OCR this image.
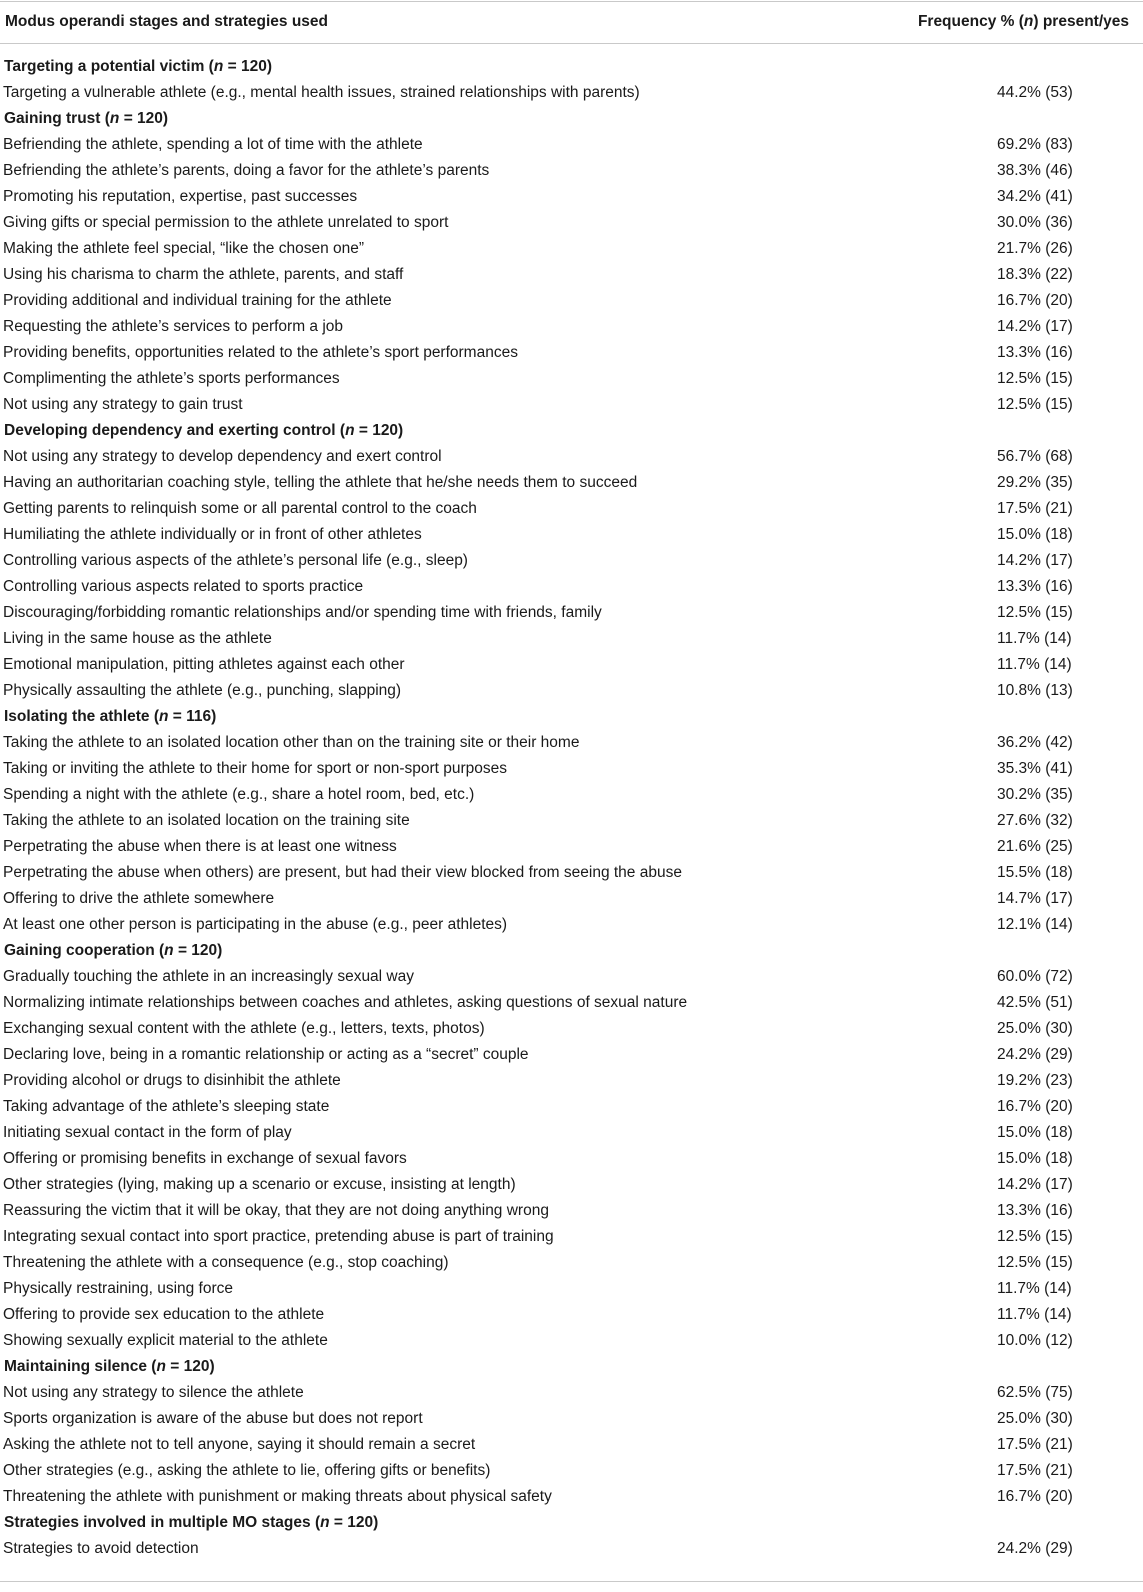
Modus operandi stages and strategies used	Frequency % (n) present/yes
Targeting a potential victim (n = 120)
Targeting a vulnerable athlete (e.g., mental health issues, strained relationships with parents)	44.2% (53)
Gaining trust (n = 120)
Befriending the athlete, spending a lot of time with the athlete	69.2% (83)
Befriending the athlete’s parents, doing a favor for the athlete’s parents	38.3% (46)
Promoting his reputation, expertise, past successes	34.2% (41)
Giving gifts or special permission to the athlete unrelated to sport	30.0% (36)
Making the athlete feel special, “like the chosen one”	21.7% (26)
Using his charisma to charm the athlete, parents, and staff	18.3% (22)
Providing additional and individual training for the athlete	16.7% (20)
Requesting the athlete’s services to perform a job	14.2% (17)
Providing benefits, opportunities related to the athlete’s sport performances	13.3% (16)
Complimenting the athlete’s sports performances	12.5% (15)
Not using any strategy to gain trust	12.5% (15)
Developing dependency and exerting control (n = 120)
Not using any strategy to develop dependency and exert control	56.7% (68)
Having an authoritarian coaching style, telling the athlete that he/she needs them to succeed	29.2% (35)
Getting parents to relinquish some or all parental control to the coach	17.5% (21)
Humiliating the athlete individually or in front of other athletes	15.0% (18)
Controlling various aspects of the athlete’s personal life (e.g., sleep)	14.2% (17)
Controlling various aspects related to sports practice	13.3% (16)
Discouraging/forbidding romantic relationships and/or spending time with friends, family	12.5% (15)
Living in the same house as the athlete	11.7% (14)
Emotional manipulation, pitting athletes against each other	11.7% (14)
Physically assaulting the athlete (e.g., punching, slapping)	10.8% (13)
Isolating the athlete (n = 116)
Taking the athlete to an isolated location other than on the training site or their home	36.2% (42)
Taking or inviting the athlete to their home for sport or non-sport purposes	35.3% (41)
Spending a night with the athlete (e.g., share a hotel room, bed, etc.)	30.2% (35)
Taking the athlete to an isolated location on the training site	27.6% (32)
Perpetrating the abuse when there is at least one witness	21.6% (25)
Perpetrating the abuse when others) are present, but had their view blocked from seeing the abuse	15.5% (18)
Offering to drive the athlete somewhere	14.7% (17)
At least one other person is participating in the abuse (e.g., peer athletes)	12.1% (14)
Gaining cooperation (n = 120)
Gradually touching the athlete in an increasingly sexual way	60.0% (72)
Normalizing intimate relationships between coaches and athletes, asking questions of sexual nature	42.5% (51)
Exchanging sexual content with the athlete (e.g., letters, texts, photos)	25.0% (30)
Declaring love, being in a romantic relationship or acting as a “secret” couple	24.2% (29)
Providing alcohol or drugs to disinhibit the athlete	19.2% (23)
Taking advantage of the athlete’s sleeping state	16.7% (20)
Initiating sexual contact in the form of play	15.0% (18)
Offering or promising benefits in exchange of sexual favors	15.0% (18)
Other strategies (lying, making up a scenario or excuse, insisting at length)	14.2% (17)
Reassuring the victim that it will be okay, that they are not doing anything wrong	13.3% (16)
Integrating sexual contact into sport practice, pretending abuse is part of training	12.5% (15)
Threatening the athlete with a consequence (e.g., stop coaching)	12.5% (15)
Physically restraining, using force	11.7% (14)
Offering to provide sex education to the athlete	11.7% (14)
Showing sexually explicit material to the athlete	10.0% (12)
Maintaining silence (n = 120)
Not using any strategy to silence the athlete	62.5% (75)
Sports organization is aware of the abuse but does not report	25.0% (30)
Asking the athlete not to tell anyone, saying it should remain a secret	17.5% (21)
Other strategies (e.g., asking the athlete to lie, offering gifts or benefits)	17.5% (21)
Threatening the athlete with punishment or making threats about physical safety	16.7% (20)
Strategies involved in multiple MO stages (n = 120)
Strategies to avoid detection	24.2% (29)
